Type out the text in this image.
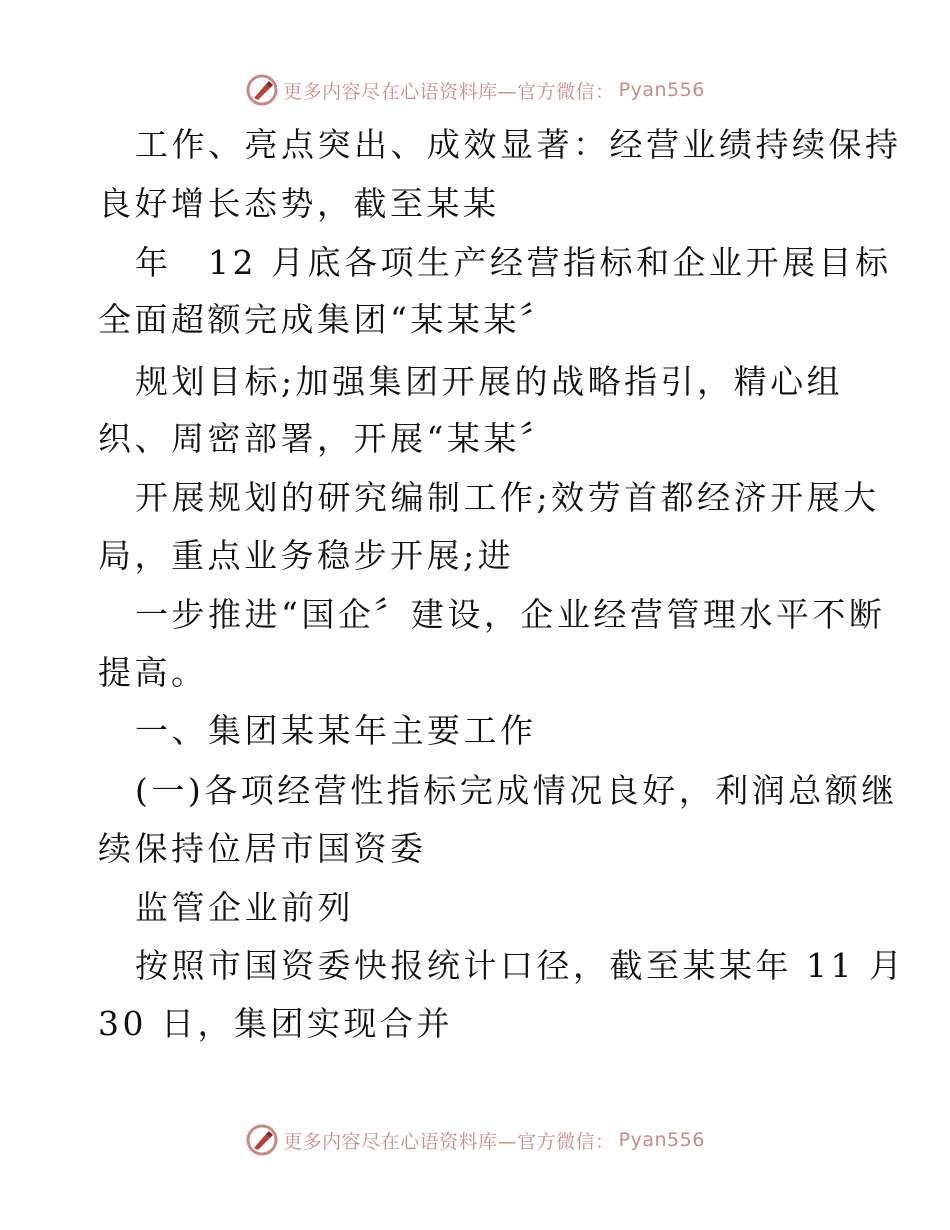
更多内容尽在心语资料库—官方微信： Pyan556
工作、亮点突出、成效显著：经营业绩持续保持
良好增长态势，截至某某
年　12 月底各项生产经营指标和企业开展目标
全面超额完成集团“某某某〞
规划目标;加强集团开展的战略指引，精心组
织、周密部署，开展“某某〞
开展规划的研究编制工作;效劳首都经济开展大
局，重点业务稳步开展;进
一步推进“国企〞建设，企业经营管理水平不断
提高。
一、集团某某年主要工作
(一)各项经营性指标完成情况良好，利润总额继
续保持位居市国资委
监管企业前列
按照市国资委快报统计口径，截至某某年 11 月
30 日，集团实现合并
更多内容尽在心语资料库—官方微信： Pyan556
